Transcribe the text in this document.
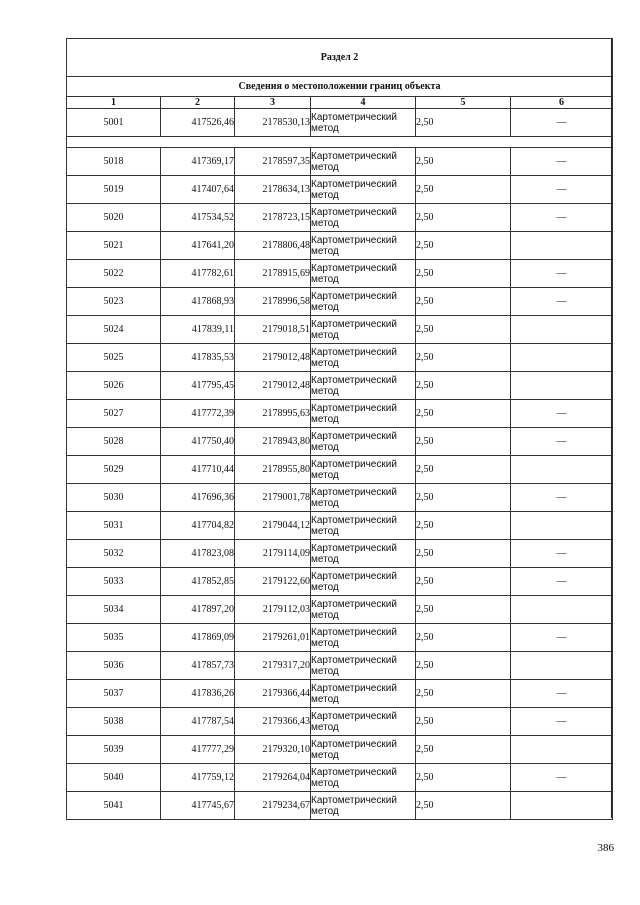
Раздел 2					
Сведения о местоположении границ объекта					
1	2	3	4	5	6
5001	417526,46	2178530,13	Картометрический метод	2,50	—

5018	417369,17	2178597,35	Картометрический метод	2,50	—
5019	417407,64	2178634,13	Картометрический метод	2,50	—
5020	417534,52	2178723,15	Картометрический метод	2,50	—
5021	417641,20	2178806,48	Картометрический метод	2,50	
5022	417782,61	2178915,69	Картометрический метод	2,50	—
5023	417868,93	2178996,58	Картометрический метод	2,50	—
5024	417839,11	2179018,51	Картометрический метод	2,50	
5025	417835,53	2179012,48	Картометрический метод	2,50	
5026	417795,45	2179012,48	Картометрический метод	2,50	
5027	417772,39	2178995,63	Картометрический метод	2,50	—
5028	417750,40	2178943,80	Картометрический метод	2,50	—
5029	417710,44	2178955,80	Картометрический метод	2,50	
5030	417696,36	2179001,78	Картометрический метод	2,50	—
5031	417704,82	2179044,12	Картометрический метод	2,50	
5032	417823,08	2179114,09	Картометрический метод	2,50	—
5033	417852,85	2179122,60	Картометрический метод	2,50	—
5034	417897,20	2179112,03	Картометрический метод	2,50	
5035	417869,09	2179261,01	Картометрический метод	2,50	—
5036	417857,73	2179317,20	Картометрический метод	2,50	
5037	417836,26	2179366,44	Картометрический метод	2,50	—
5038	417787,54	2179366,43	Картометрический метод	2,50	—
5039	417777,29	2179320,10	Картометрический метод	2,50	
5040	417759,12	2179264,04	Картометрический метод	2,50	—
5041	417745,67	2179234,67	Картометрический метод	2,50	
386
